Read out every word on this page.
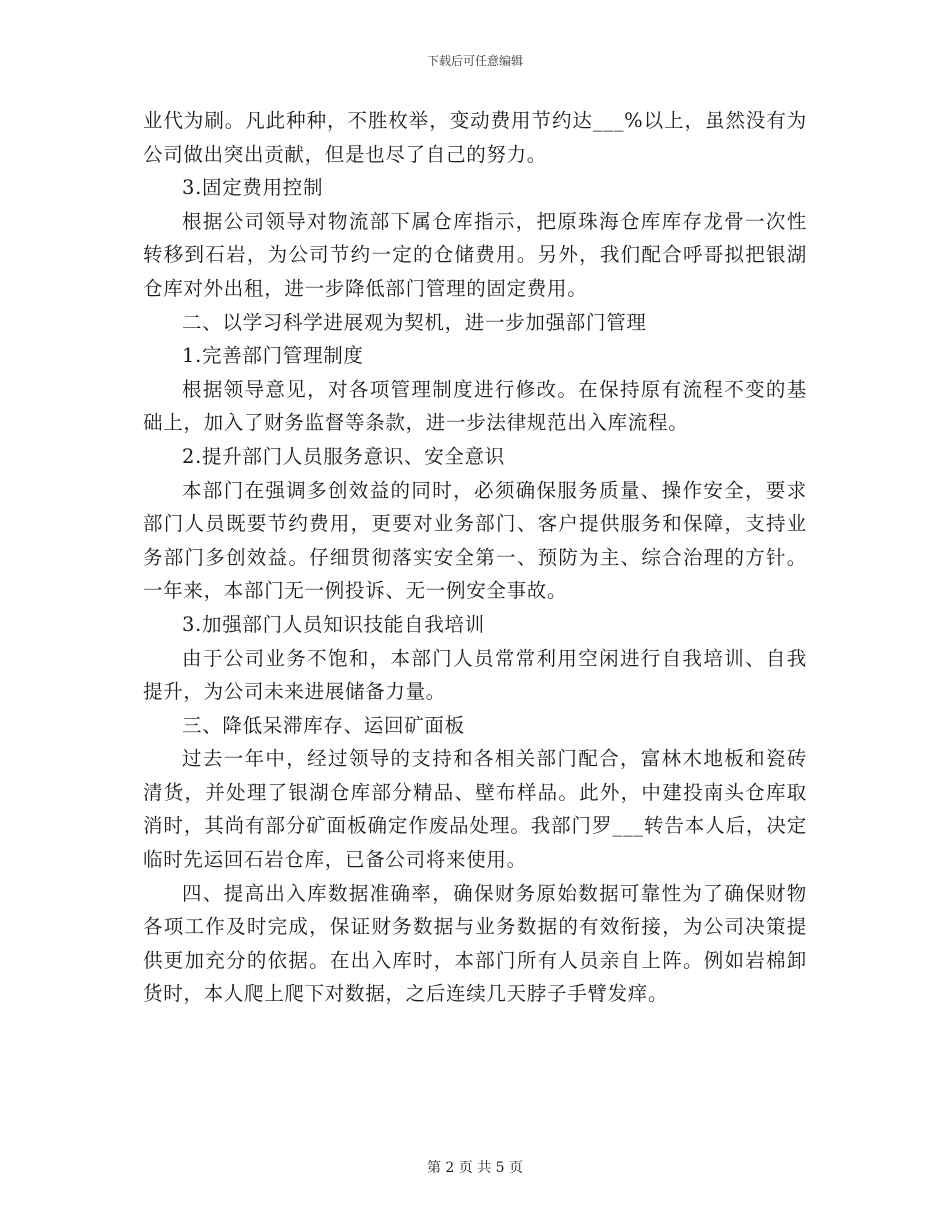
下载后可任意编辑

业代为刷。凡此种种，不胜枚举，变动费用节约达___%以上，虽然没有为公司做出突出贡献，但是也尽了自己的努力。

3.固定费用控制

根据公司领导对物流部下属仓库指示，把原珠海仓库库存龙骨一次性转移到石岩，为公司节约一定的仓储费用。另外，我们配合呼哥拟把银湖仓库对外出租，进一步降低部门管理的固定费用。

二、以学习科学进展观为契机，进一步加强部门管理

1.完善部门管理制度

根据领导意见，对各项管理制度进行修改。在保持原有流程不变的基础上，加入了财务监督等条款，进一步法律规范出入库流程。

2.提升部门人员服务意识、安全意识

本部门在强调多创效益的同时，必须确保服务质量、操作安全，要求部门人员既要节约费用，更要对业务部门、客户提供服务和保障，支持业务部门多创效益。仔细贯彻落实安全第一、预防为主、综合治理的方针。一年来，本部门无一例投诉、无一例安全事故。

3.加强部门人员知识技能自我培训

由于公司业务不饱和，本部门人员常常利用空闲进行自我培训、自我提升，为公司未来进展储备力量。

三、降低呆滞库存、运回矿面板

过去一年中，经过领导的支持和各相关部门配合，富林木地板和瓷砖清货，并处理了银湖仓库部分精品、壁布样品。此外，中建投南头仓库取消时，其尚有部分矿面板确定作废品处理。我部门罗___转告本人后，决定临时先运回石岩仓库，已备公司将来使用。

四、提高出入库数据准确率，确保财务原始数据可靠性为了确保财物各项工作及时完成，保证财务数据与业务数据的有效衔接，为公司决策提供更加充分的依据。在出入库时，本部门所有人员亲自上阵。例如岩棉卸货时，本人爬上爬下对数据，之后连续几天脖子手臂发痒。

第 2 页 共 5 页
